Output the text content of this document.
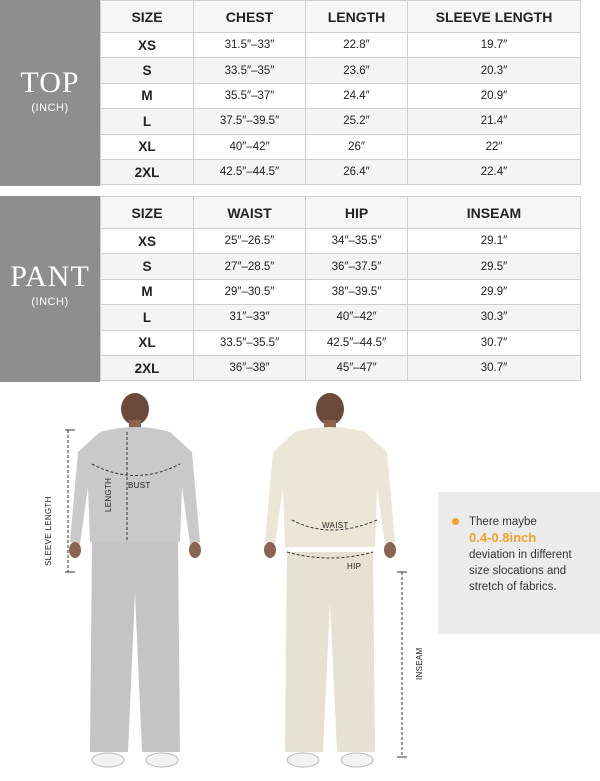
TOP
(INCH)
SIZE	CHEST	LENGTH	SLEEVE LENGTH
XS	31.5″–33″	22.8″	19.7″
S	33.5″–35″	23.6″	20.3″
M	35.5″–37″	24.4″	20.9″
L	37.5″–39.5″	25.2″	21.4″
XL	40″–42″	26″	22″
2XL	42.5″–44.5″	26.4″	22.4″
PANT
(INCH)
SIZE	WAIST	HIP	INSEAM
XS	25″–26.5″	34″–35.5″	29.1″
S	27″–28.5″	36″–37.5″	29.5″
M	29″–30.5″	38″–39.5″	29.9″
L	31″–33″	40″–42″	30.3″
XL	33.5″–35.5″	42.5″–44.5″	30.7″
2XL	36″–38″	45″–47″	30.7″
BUST
LENGTH
SLEEVE LENGTH	WAIST
HIP
INSEAM
There maybe
0.4-0.8inch
deviation in different size slocations and stretch of fabrics.
